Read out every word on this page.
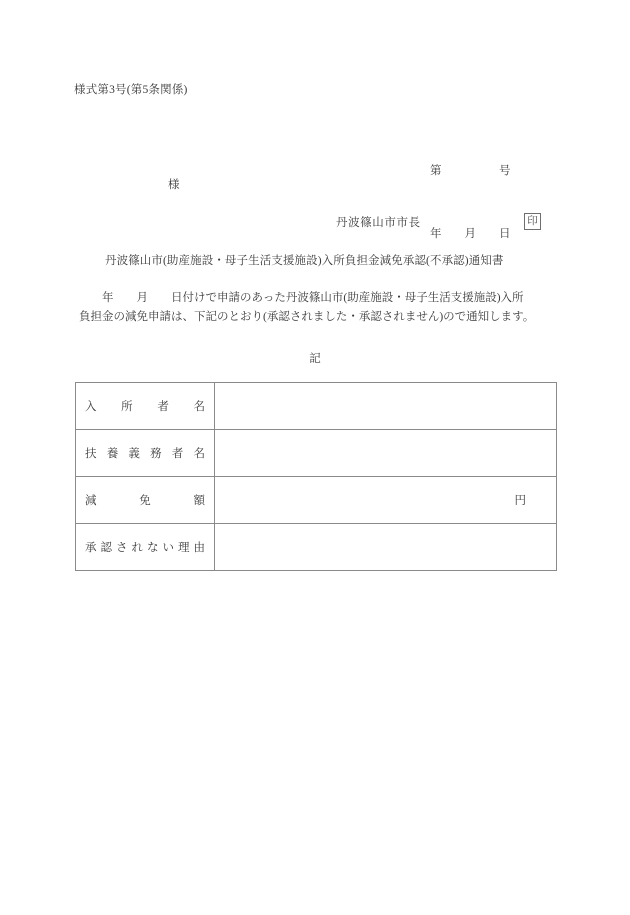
様式第3号(第5条関係)

第　　　　　号

年　　月　　日

様
丹波篠山市市長	印
丹波篠山市(助産施設・母子生活支援施設)入所負担金減免承認(不承認)通知書
　　年　　月　　日付けで申請のあった丹波篠山市(助産施設・母子生活支援施設)入所
負担金の減免申請は、下記のとおり(承認されました・承認されません)ので通知します。
記
入所者名	

扶養義務者名	

減免額	円

承認されない理由	
